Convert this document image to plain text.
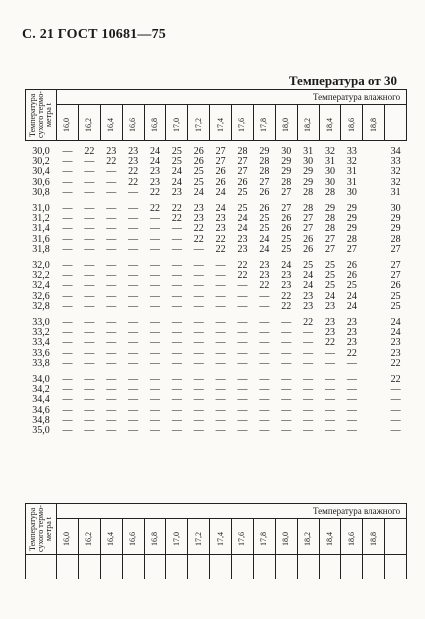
С. 21 ГОСТ 10681—75
Температура от 30
Температура
сухого термо-
метра t	Температура влажного															

	16,0	16,2	16,4	16,6	16,8	17,0	17,2	17,4	17,6	17,8	18,0	18,2	18,4	18,6	18,8	

30,0	—	22	23	23	24	25	26	27	28	29	30	31	32	33		34
30,2	—	—	22	23	24	25	26	27	27	28	29	30	31	32		33
30,4	—	—	—	22	23	24	25	26	27	28	29	29	30	31		32
30,6	—	—	—	22	23	24	25	26	26	27	28	29	30	31		32
30,8	—	—	—	—	22	23	24	24	25	26	27	28	28	30		31

31,0	—	—	—	—	22	22	23	24	25	26	27	28	29	29		30
31,2	—	—	—	—	—	22	23	23	24	25	26	27	28	29		29
31,4	—	—	—	—	—	—	22	23	24	25	26	27	28	29		29
31,6	—	—	—	—	—	—	22	22	23	24	25	26	27	28		28
31,8	—	—	—	—	—	—	—	22	23	24	25	26	27	27		27

32,0	—	—	—	—	—	—	—	—	22	23	24	25	25	26		27
32,2	—	—	—	—	—	—	—	—	22	23	23	24	25	26		27
32,4	—	—	—	—	—	—	—	—	—	22	23	24	25	25		26
32,6	—	—	—	—	—	—	—	—	—	—	22	23	24	24		25
32,8	—	—	—	—	—	—	—	—	—	—	22	23	23	24		25

33,0	—	—	—	—	—	—	—	—	—	—	—	22	23	23		24
33,2	—	—	—	—	—	—	—	—	—	—	—	—	23	23		24
33,4	—	—	—	—	—	—	—	—	—	—	—	—	22	23		23
33,6	—	—	—	—	—	—	—	—	—	—	—	—	—	22		23
33,8	—	—	—	—	—	—	—	—	—	—	—	—	—	—		22

34,0	—	—	—	—	—	—	—	—	—	—	—	—	—	—		22
34,2	—	—	—	—	—	—	—	—	—	—	—	—	—	—		—
34,4	—	—	—	—	—	—	—	—	—	—	—	—	—	—		—
34,6	—	—	—	—	—	—	—	—	—	—	—	—	—	—		—
34,8	—	—	—	—	—	—	—	—	—	—	—	—	—	—		—
35,0	—	—	—	—	—	—	—	—	—	—	—	—	—	—		—
Температура
сухого термо-
метра t	Температура влажного															

	16,0	16,2	16,4	16,6	16,8	17,0	17,2	17,4	17,6	17,8	18,0	18,2	18,4	18,6	18,8	
